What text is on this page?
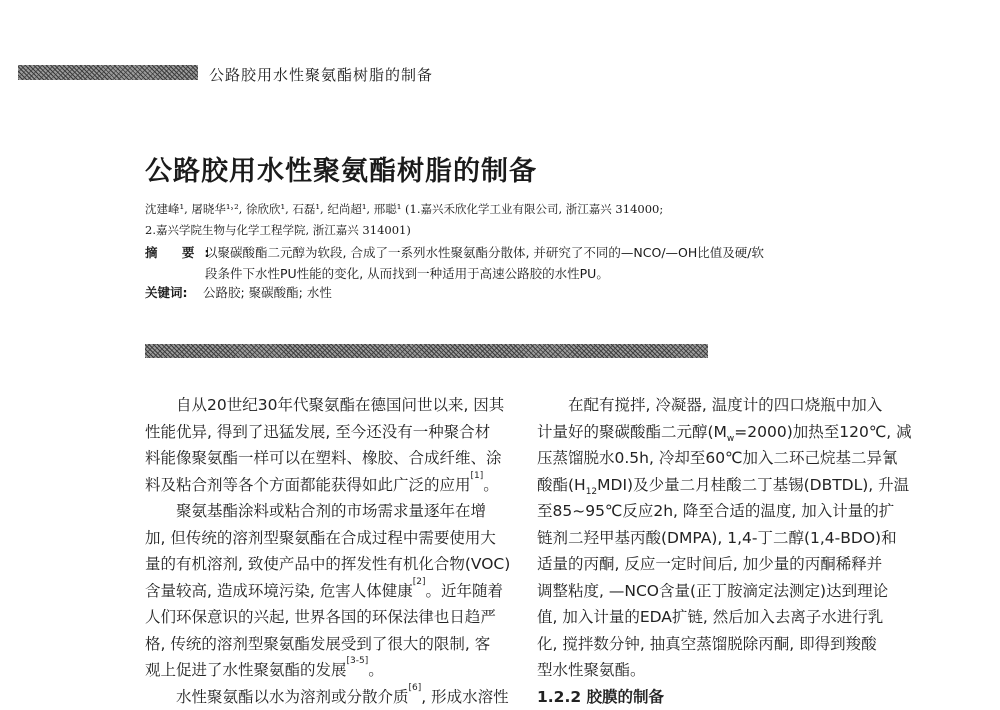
公路胶用水性聚氨酯树脂的制备
公路胶用水性聚氨酯树脂的制备
沈建峰¹, 屠晓华¹˒², 徐欣欣¹, 石磊¹, 纪尚超¹, 邢聪¹ (1.嘉兴禾欣化学工业有限公司, 浙江嘉兴 314000;
2.嘉兴学院生物与化学工程学院, 浙江嘉兴 314001)
摘 要:以聚碳酸酯二元醇为软段, 合成了一系列水性聚氨酯分散体, 并研究了不同的—NCO/—OH比值及硬/软
段条件下水性PU性能的变化, 从而找到一种适用于高速公路胶的水性PU。
关键词: 公路胶; 聚碳酸酯; 水性

自从20世纪30年代聚氨酯在德国问世以来, 因其

性能优异, 得到了迅猛发展, 至今还没有一种聚合材

料能像聚氨酯一样可以在塑料、橡胶、合成纤维、涂

料及粘合剂等各个方面都能获得如此广泛的应用[1]。

聚氨基酯涂料或粘合剂的市场需求量逐年在增

加, 但传统的溶剂型聚氨酯在合成过程中需要使用大

量的有机溶剂, 致使产品中的挥发性有机化合物(VOC)

含量较高, 造成环境污染, 危害人体健康[2]。近年随着

人们环保意识的兴起, 世界各国的环保法律也日趋严

格, 传统的溶剂型聚氨酯发展受到了很大的限制, 客

观上促进了水性聚氨酯的发展[3-5]。

水性聚氨酯以水为溶剂或分散介质[6], 形成水溶性

在配有搅拌, 冷凝器, 温度计的四口烧瓶中加入

计量好的聚碳酸酯二元醇$(M_w=2000)$加热至120℃, 减

压蒸馏脱水0.5h, 冷却至60℃加入二环己烷基二异氰

酸酯$(H_{12}MDI)$及少量二月桂酸二丁基锡(DBTDL), 升温

至85~95℃反应2h, 降至合适的温度, 加入计量的扩

链剂二羟甲基丙酸(DMPA), 1,4-丁二醇(1,4-BDO)和

适量的丙酮, 反应一定时间后, 加少量的丙酮稀释并

调整粘度, —NCO含量(正丁胺滴定法测定)达到理论

值, 加入计量的EDA扩链, 然后加入去离子水进行乳

化, 搅拌数分钟, 抽真空蒸馏脱除丙酮, 即得到羧酸

型水性聚氨酯。

1.2.2 胶膜的制备
